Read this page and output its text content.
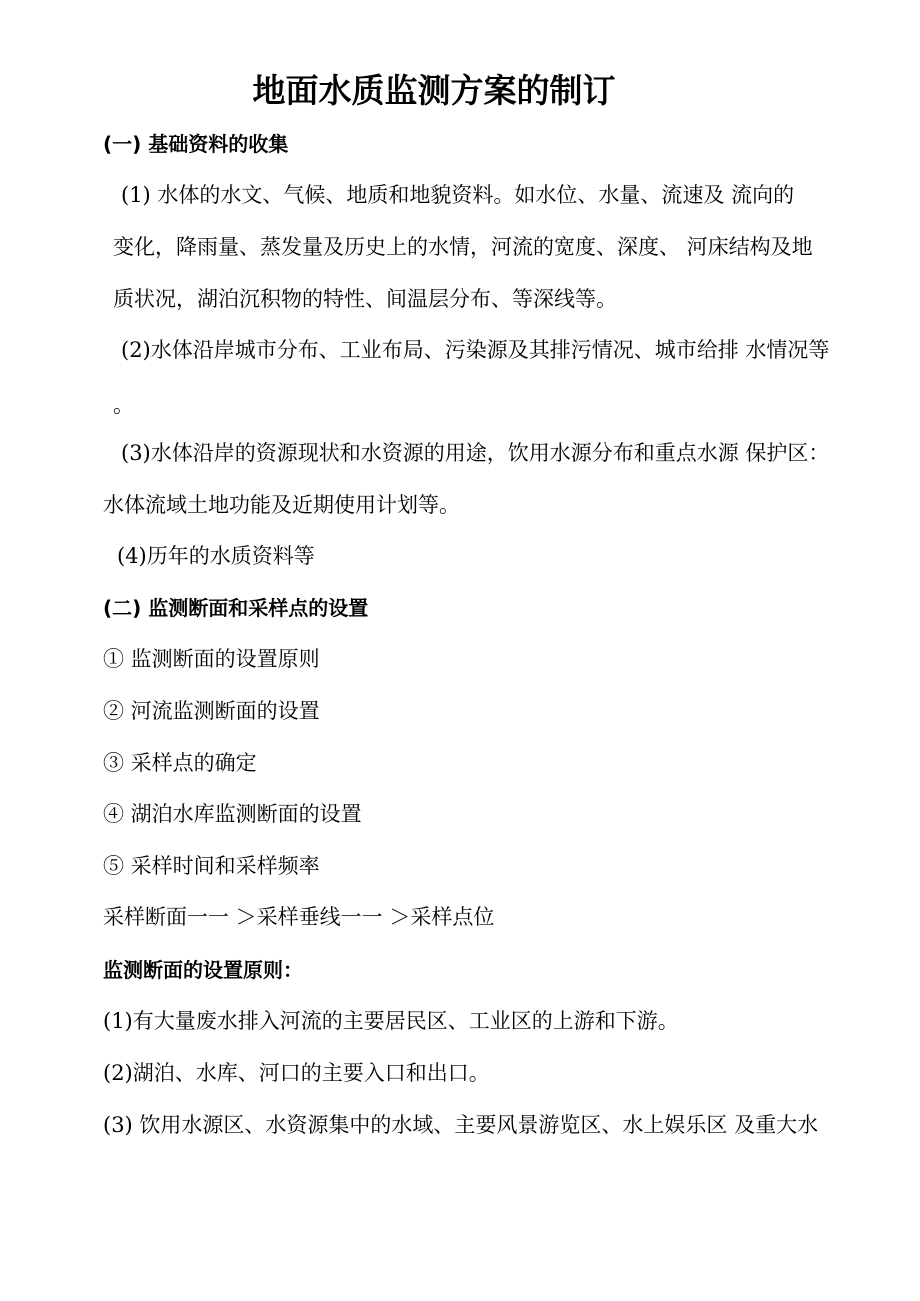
地面水质监测方案的制订
(一) 基础资料的收集
(1) 水体的水文、气候、地质和地貌资料。如水位、水量、流速及 流向的
变化，降雨量、蒸发量及历史上的水情，河流的宽度、深度、 河床结构及地
质状况，湖泊沉积物的特性、间温层分布、等深线等。
(2)水体沿岸城市分布、工业布局、污染源及其排污情况、城市给排 水情况等
。
(3)水体沿岸的资源现状和水资源的用途，饮用水源分布和重点水源 保护区：
水体流域土地功能及近期使用计划等。
(4)历年的水质资料等
(二) 监测断面和采样点的设置
① 监测断面的设置原则
② 河流监测断面的设置
③ 采样点的确定
④ 湖泊水库监测断面的设置
⑤ 采样时间和采样频率
采样断面一一 ＞采样垂线一一 ＞采样点位
监测断面的设置原则：
(1)有大量废水排入河流的主要居民区、工业区的上游和下游。
(2)湖泊、水库、河口的主要入口和出口。
(3) 饮用水源区、水资源集中的水域、主要风景游览区、水上娱乐区 及重大水
